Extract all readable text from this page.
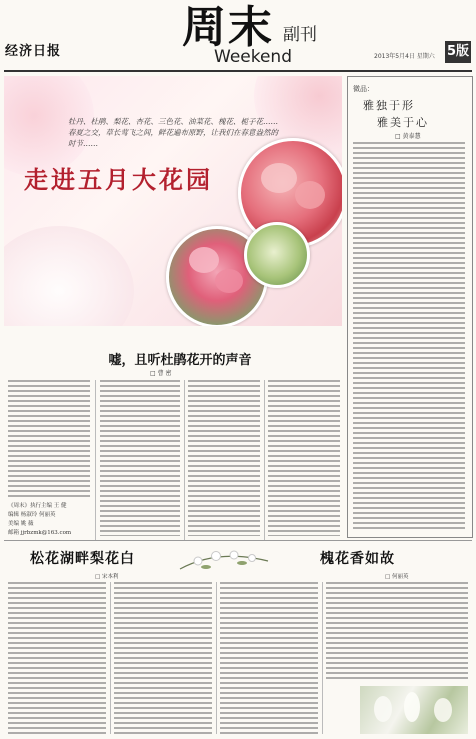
经济日报	周末 副刊
Weekend	2013年5月4日 星期六 5版
牡丹、杜鹃、梨花、杏花、三色花、油菜花、槐花、栀子花……春夏之交，草长莺飞之间，鲜花遍布原野，让我们在春意盎然的时节……
走进五月大花园
嘘，且听杜鹃花开的声音
□ 曹 密
《周末》执行主编 王 健
编辑 杨淑玲 何丽英
美编 姚 薇
邮箱 jjrbzmk@163.com
微品：
雅独于形
雅美于心
□ 黄泰慧
松花湖畔梨花白
□ 宋本利
槐花香如故
□ 何丽英
